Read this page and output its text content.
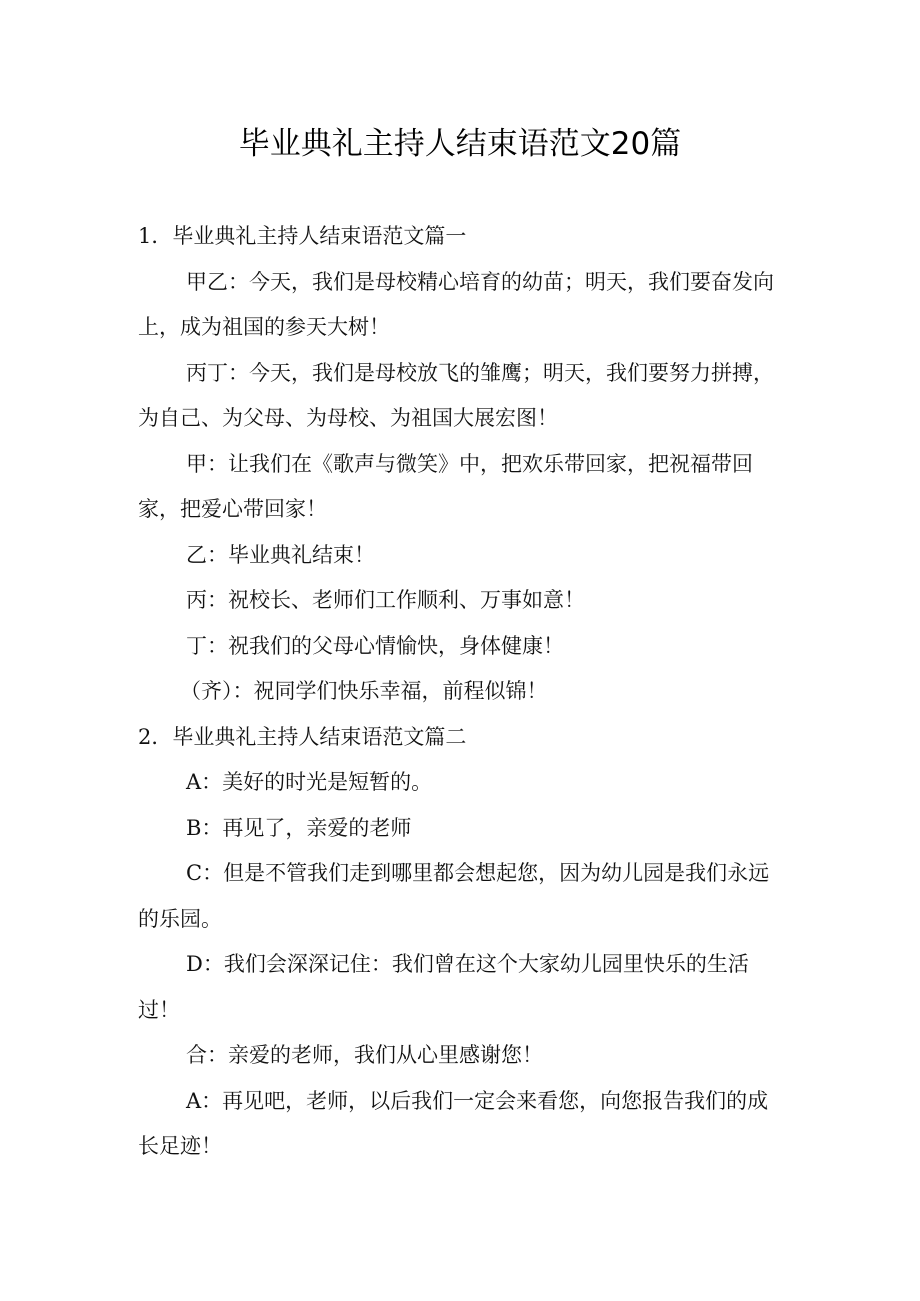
毕业典礼主持人结束语范文20篇

1．毕业典礼主持人结束语范文篇一

甲乙：今天，我们是母校精心培育的幼苗；明天，我们要奋发向上，成为祖国的参天大树！

丙丁：今天，我们是母校放飞的雏鹰；明天，我们要努力拼搏，为自己、为父母、为母校、为祖国大展宏图！

甲：让我们在《歌声与微笑》中，把欢乐带回家，把祝福带回家，把爱心带回家！

乙：毕业典礼结束！

丙：祝校长、老师们工作顺利、万事如意！

丁：祝我们的父母心情愉快，身体健康！

（齐）：祝同学们快乐幸福，前程似锦！

2．毕业典礼主持人结束语范文篇二

A：美好的时光是短暂的。

B：再见了，亲爱的老师

C：但是不管我们走到哪里都会想起您，因为幼儿园是我们永远的乐园。

D：我们会深深记住：我们曾在这个大家幼儿园里快乐的生活过！

合：亲爱的老师，我们从心里感谢您！

A：再见吧，老师，以后我们一定会来看您，向您报告我们的成长足迹！
